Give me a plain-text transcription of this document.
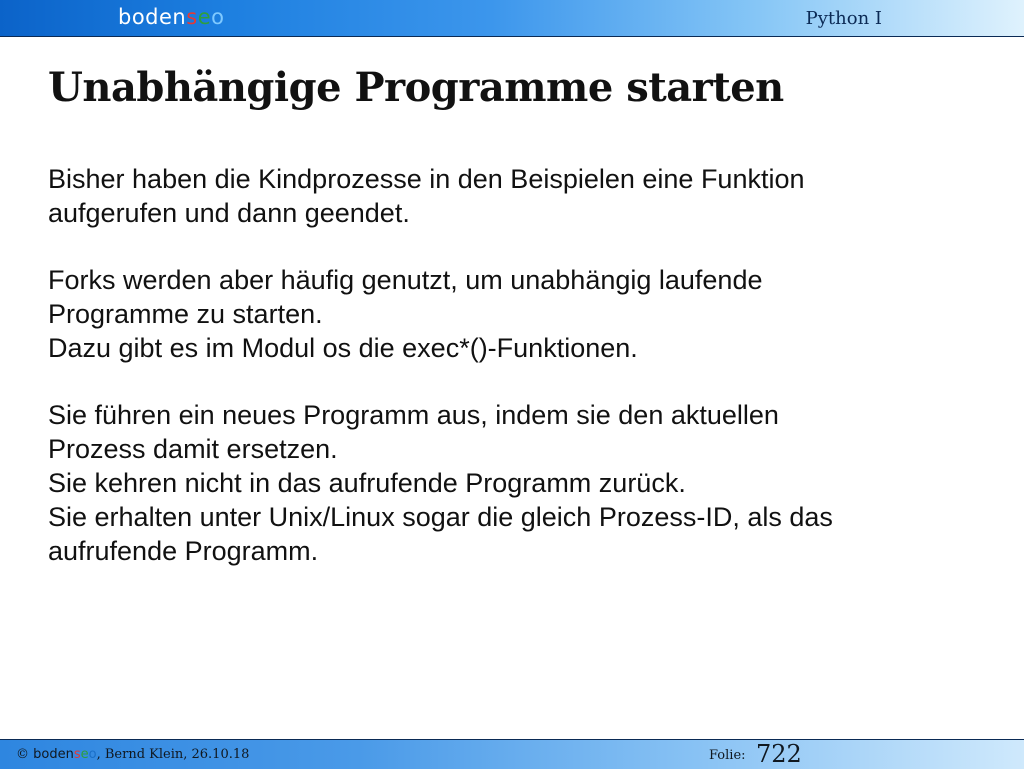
bodenseo	Python I
Unabhängige Programme starten
Bisher haben die Kindprozesse in den Beispielen eine Funktion
aufgerufen und dann geendet.
Forks werden aber häufig genutzt, um unabhängig laufende
Programme zu starten.
Dazu gibt es im Modul os die exec*()-Funktionen.
Sie führen ein neues Programm aus, indem sie den aktuellen
Prozess damit ersetzen.
Sie kehren nicht in das aufrufende Programm zurück.
Sie erhalten unter Unix/Linux sogar die gleich Prozess-ID, als das
aufrufende Programm.
© bodenseo, Bernd Klein, 26.10.18	Folie: 722
